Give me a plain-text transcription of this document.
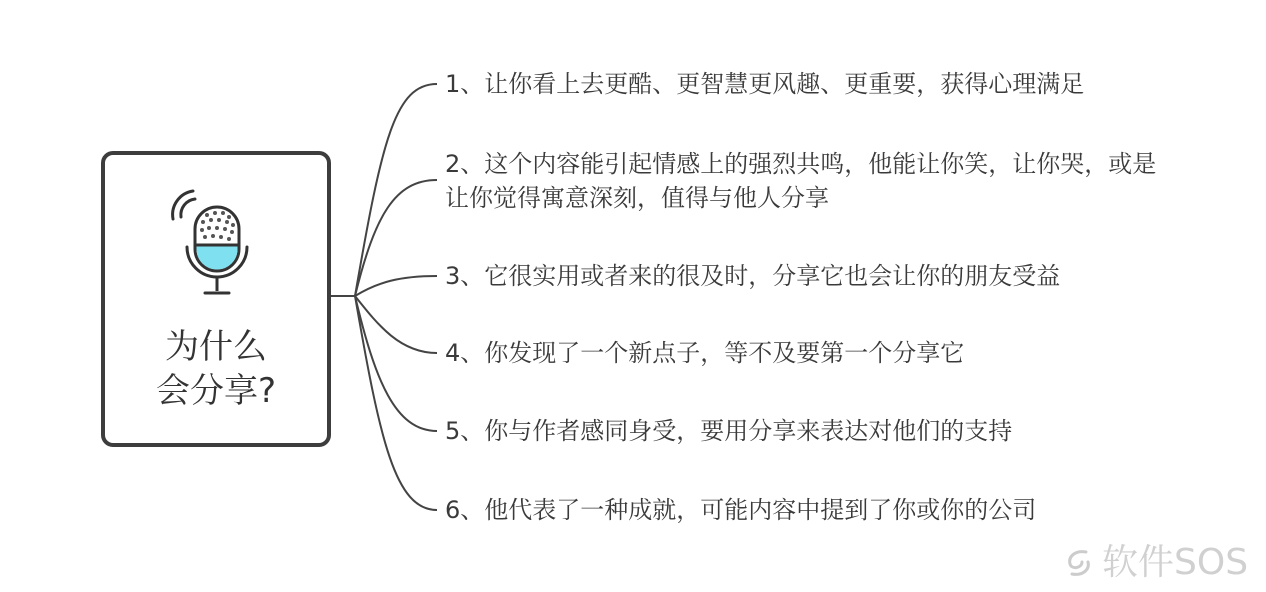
为什么
会分享?
1、让你看上去更酷、更智慧更风趣、更重要，获得心理满足
2、这个内容能引起情感上的强烈共鸣，他能让你笑，让你哭，或是让你觉得寓意深刻，值得与他人分享
3、它很实用或者来的很及时，分享它也会让你的朋友受益
4、你发现了一个新点子，等不及要第一个分享它
5、你与作者感同身受，要用分享来表达对他们的支持
6、他代表了一种成就，可能内容中提到了你或你的公司
软件SOS
